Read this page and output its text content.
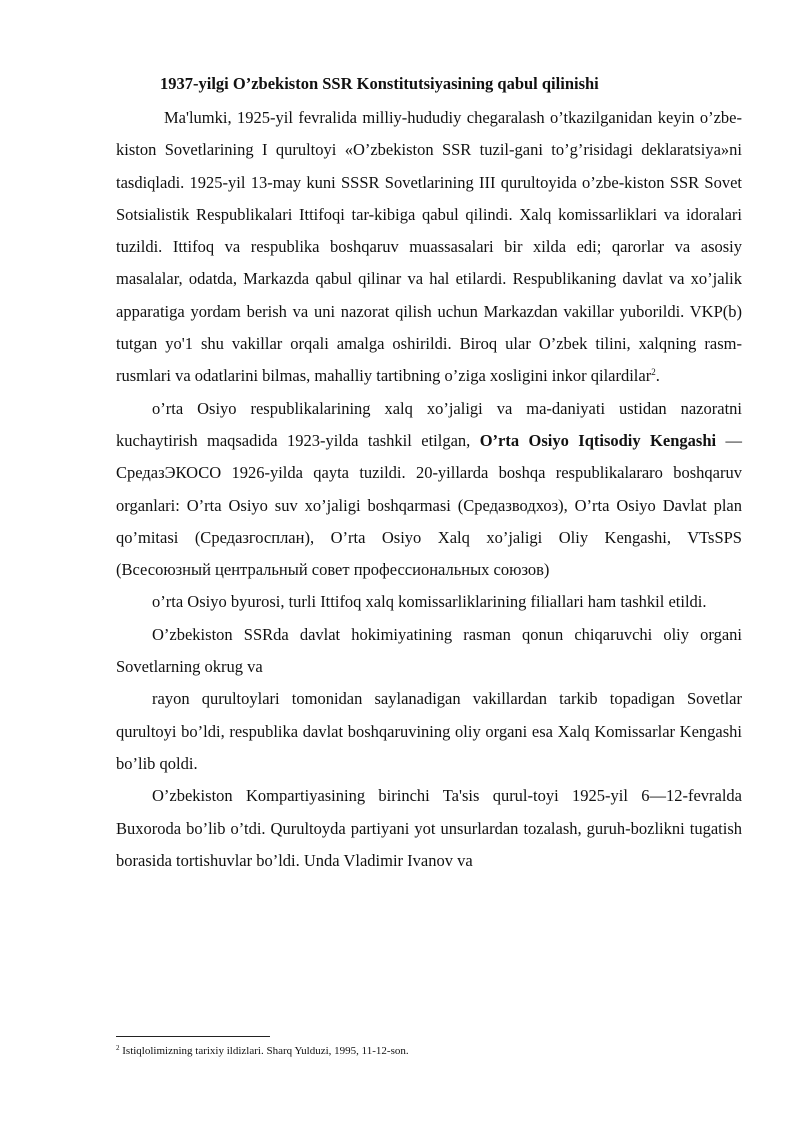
1937-yilgi O’zbekiston SSR Konstitutsiyasining qabul qilinishi

Ma'lumki, 1925-yil fevralida milliy-hududiy chegaralash o’tkazilganidan keyin o’zbe-kiston Sovetlarining I qurultoyi «O’zbekiston SSR tuzil-gani to’g’risidagi deklaratsiya»ni tasdiqladi. 1925-yil 13-may kuni SSSR Sovetlarining III qurultoyida o’zbe-kiston SSR Sovet Sotsialistik Respublikalari Ittifoqi tar-kibiga qabul qilindi. Xalq komissarliklari va idoralari tuzildi. Ittifoq va respublika boshqaruv muassasalari bir xilda edi; qarorlar va asosiy masalalar, odatda, Markazda qabul qilinar va hal etilardi. Respublikaning davlat va xo’jalik apparatiga yordam berish va uni nazorat qilish uchun Markazdan vakillar yuborildi. VKP(b) tutgan yo'1 shu vakillar orqali amalga oshirildi. Biroq ular O’zbek tilini, xalqning rasm-rusmlari va odatlarini bilmas, mahalliy tartibning o’ziga xosligini inkor qilardilar$^2$.

o’rta Osiyo respublikalarining xalq xo’jaligi va ma-daniyati ustidan nazoratni kuchaytirish maqsadida 1923-yilda tashkil etilgan, O’rta Osiyo Iqtisodiy Kengashi — СредазЭКОСО 1926-yilda qayta tuzildi. 20-yillarda boshqa respublikalararo boshqaruv organlari: O’rta Osiyo suv xo’jaligi boshqarmasi (Средазводхоз), O’rta Osiyo Davlat plan qo’mitasi (Средазгосплан), O’rta Osiyo Xalq xo’jaligi Oliy Kengashi, VTsSPS (Всесоюзный центральный совет профессиональных союзов)

o’rta Osiyo byurosi, turli Ittifoq xalq komissarliklarining filiallari ham tashkil etildi.

O’zbekiston SSRda davlat hokimiyatining rasman qonun chiqaruvchi oliy organi Sovetlarning okrug va

rayon qurultoylari tomonidan saylanadigan vakillardan tarkib topadigan Sovetlar qurultoyi bo’ldi, respublika davlat boshqaruvining oliy organi esa Xalq Komissarlar Kengashi bo’lib qoldi.

O’zbekiston Kompartiyasining birinchi Ta'sis qurul-toyi 1925-yil 6—12-fevralda Buxoroda bo’lib o’tdi. Qurultoyda partiyani yot unsurlardan tozalash, guruh-bozlikni tugatish borasida tortishuvlar bo’ldi. Unda Vladimir Ivanov va

$^2$ Istiqlolimizning tarixiy ildizlari. Sharq Yulduzi, 1995, 11-12-son.
